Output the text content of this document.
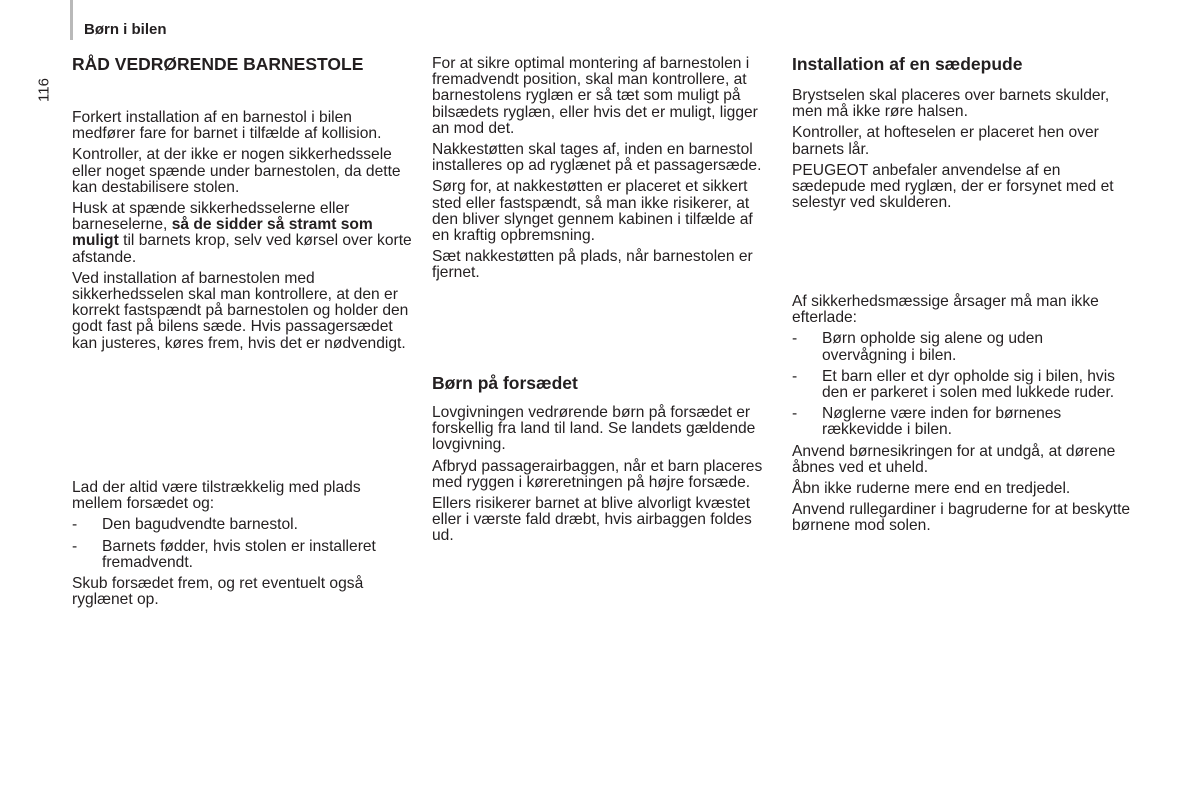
Børn i bilen
116
RÅD VEDRØRENDE BARNESTOLE

Forkert installation af en barnestol i bilen medfører fare for barnet i tilfælde af kollision.

Kontroller, at der ikke er nogen sikkerhedssele eller noget spænde under barnestolen, da dette kan destabilisere stolen.

Husk at spænde sikkerhedsselerne eller barneselerne, så de sidder så stramt som muligt til barnets krop, selv ved kørsel over korte afstande.

Ved installation af barnestolen med sikkerhedsselen skal man kontrollere, at den er korrekt fastspændt på barnestolen og holder den godt fast på bilens sæde. Hvis passagersædet kan justeres, køres frem, hvis det er nødvendigt.

Lad der altid være tilstrækkelig med plads mellem forsædet og:

-	Den bagudvendte barnestol.
-	Barnets fødder, hvis stolen er installeret fremadvendt.

Skub forsædet frem, og ret eventuelt også ryglænet op.

For at sikre optimal montering af barnestolen i fremadvendt position, skal man kontrollere, at barnestolens ryglæn er så tæt som muligt på bilsædets ryglæn, eller hvis det er muligt, ligger an mod det.

Nakkestøtten skal tages af, inden en barnestol installeres op ad ryglænet på et passagersæde.

Sørg for, at nakkestøtten er placeret et sikkert sted eller fastspændt, så man ikke risikerer, at den bliver slynget gennem kabinen i tilfælde af en kraftig opbremsning.

Sæt nakkestøtten på plads, når barnestolen er fjernet.

Børn på forsædet

Lovgivningen vedrørende børn på forsædet er forskellig fra land til land. Se landets gældende lovgivning.

Afbryd passagerairbaggen, når et barn placeres med ryggen i køreretningen på højre forsæde.

Ellers risikerer barnet at blive alvorligt kvæstet eller i værste fald dræbt, hvis airbaggen foldes ud.

Installation af en sædepude

Brystselen skal placeres over barnets skulder, men må ikke røre halsen.

Kontroller, at hofteselen er placeret hen over barnets lår.

PEUGEOT anbefaler anvendelse af en sædepude med ryglæn, der er forsynet med et selestyr ved skulderen.

Af sikkerhedsmæssige årsager må man ikke efterlade:

-	Børn opholde sig alene og uden overvågning i bilen.
-	Et barn eller et dyr opholde sig i bilen, hvis den er parkeret i solen med lukkede ruder.
-	Nøglerne være inden for børnenes rækkevidde i bilen.

Anvend børnesikringen for at undgå, at dørene åbnes ved et uheld.

Åbn ikke ruderne mere end en tredjedel.

Anvend rullegardiner i bagruderne for at beskytte børnene mod solen.
